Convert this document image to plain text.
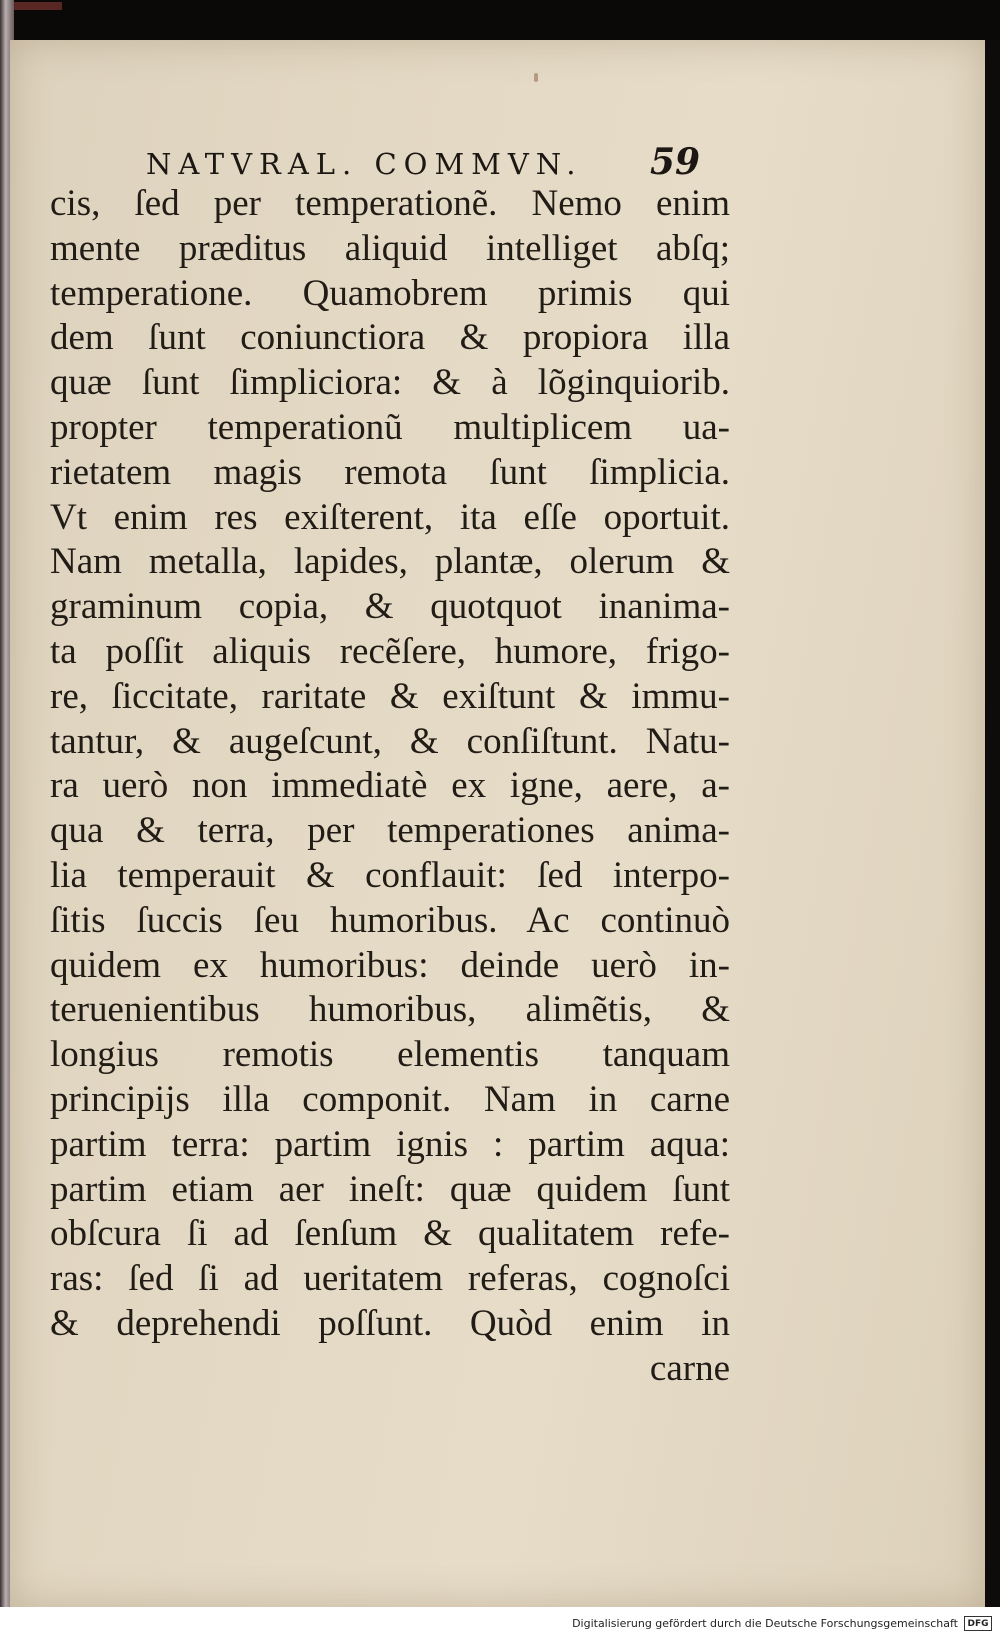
NATVRAL. COMMVN.	59
cis, ſed per temperationẽ. Nemo enim
mente prædi⁠tus aliquid intelliget abſq;
temperatione. Quamobrem primis qui
dem ſunt coniunctiora & propiora illa
quæ ſunt ſimpliciora: & à lõginquiorib.
propter temperationũ multiplicem ua-
rietatem magis remota ſunt ſimplicia.
Vt enim res exiſterent, ita eſſe oportuit.
Nam metalla, lapides, plantæ, olerum &
graminum copia, & quotquot inanima-
ta poſſit aliquis recẽſere, humore, frigo-
re, ſiccitate, raritate & exiſtunt & immu-
tantur, & augeſcunt, & conſiſtunt. Natu-
ra uerò non immediatè ex igne, aere, a-
qua & terra, per temperationes anima-
lia temperauit & conflauit: ſed interpo-
ſitis ſuccis ſeu humoribus. Ac continuò
quidem ex humoribus: deinde uerò in-
teruenientibus humoribus, alimẽtis, &
longius remotis elementis tanquam
principijs illa componit. Nam in carne
partim terra: partim ignis : partim aqua:
partim etiam aer ineſt: quæ quidem ſunt
obſcura ſi ad ſenſum & qualitatem refe-
ras: ſed ſi ad ueritatem referas, cognoſci
& deprehendi poſſunt. Quòd enim in
carne
Digitalisierung gefördert durch die Deutsche Forschungsgemeinschaft	DFG
